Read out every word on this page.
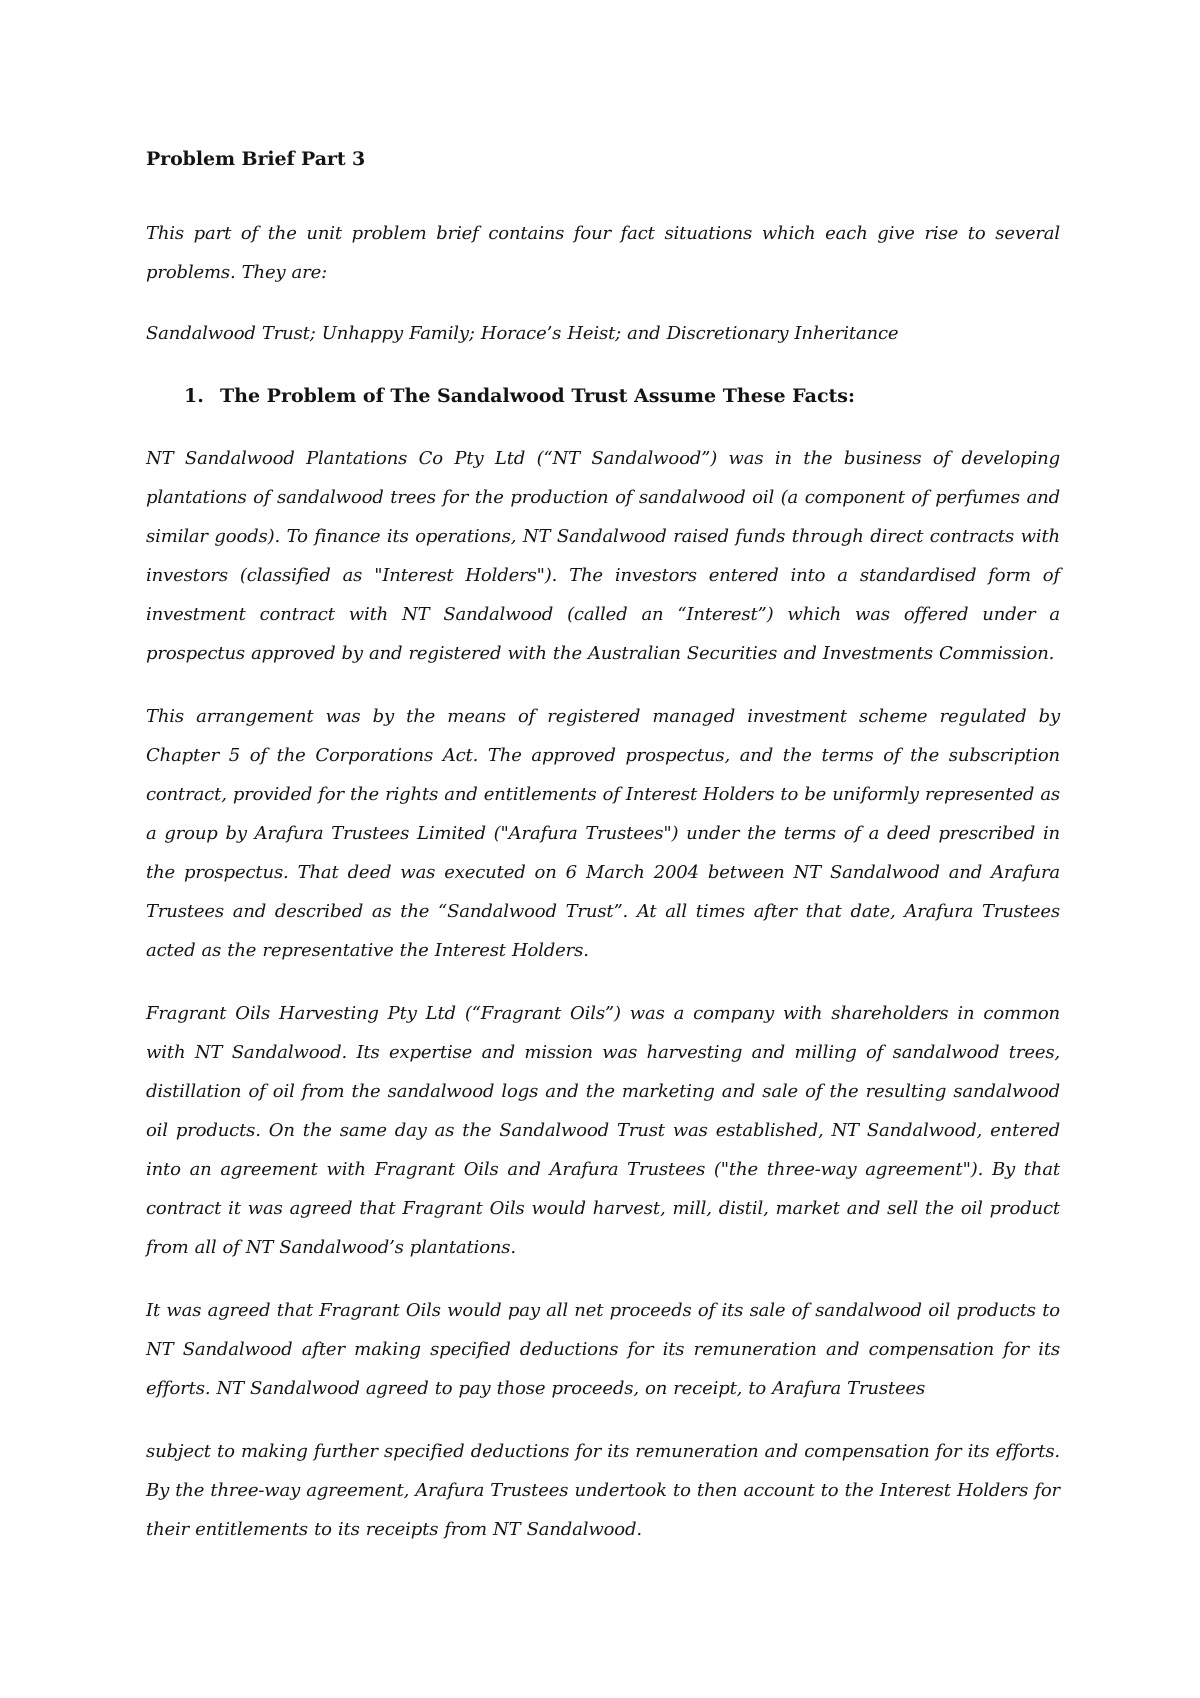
Problem Brief Part 3

This part of the unit problem brief contains four fact situations which each give rise to several problems. They are:

Sandalwood Trust; Unhappy Family; Horace’s Heist; and Discretionary Inheritance

1. The Problem of The Sandalwood Trust Assume These Facts:

NT Sandalwood Plantations Co Pty Ltd (“NT Sandalwood”) was in the business of developing plantations of sandalwood trees for the production of sandalwood oil (a component of perfumes and similar goods). To finance its operations, NT Sandalwood raised funds through direct contracts with investors (classified as "Interest Holders"). The investors entered into a standardised form of investment contract with NT Sandalwood (called an “Interest”) which was offered under a prospectus approved by and registered with the Australian Securities and Investments Commission.

This arrangement was by the means of registered managed investment scheme regulated by Chapter 5 of the Corporations Act. The approved prospectus, and the terms of the subscription contract, provided for the rights and entitlements of Interest Holders to be uniformly represented as a group by Arafura Trustees Limited ("Arafura Trustees") under the terms of a deed prescribed in the prospectus. That deed was executed on 6 March 2004 between NT Sandalwood and Arafura Trustees and described as the “Sandalwood Trust”. At all times after that date, Arafura Trustees acted as the representative the Interest Holders.

Fragrant Oils Harvesting Pty Ltd (“Fragrant Oils”) was a company with shareholders in common with NT Sandalwood. Its expertise and mission was harvesting and milling of sandalwood trees, distillation of oil from the sandalwood logs and the marketing and sale of the resulting sandalwood oil products. On the same day as the Sandalwood Trust was established, NT Sandalwood, entered into an agreement with Fragrant Oils and Arafura Trustees ("the three-way agreement"). By that contract it was agreed that Fragrant Oils would harvest, mill, distil, market and sell the oil product from all of NT Sandalwood’s plantations.

It was agreed that Fragrant Oils would pay all net proceeds of its sale of sandalwood oil products to NT Sandalwood after making specified deductions for its remuneration and compensation for its efforts. NT Sandalwood agreed to pay those proceeds, on receipt, to Arafura Trustees

subject to making further specified deductions for its remuneration and compensation for its efforts. By the three-way agreement, Arafura Trustees undertook to then account to the Interest Holders for their entitlements to its receipts from NT Sandalwood.
